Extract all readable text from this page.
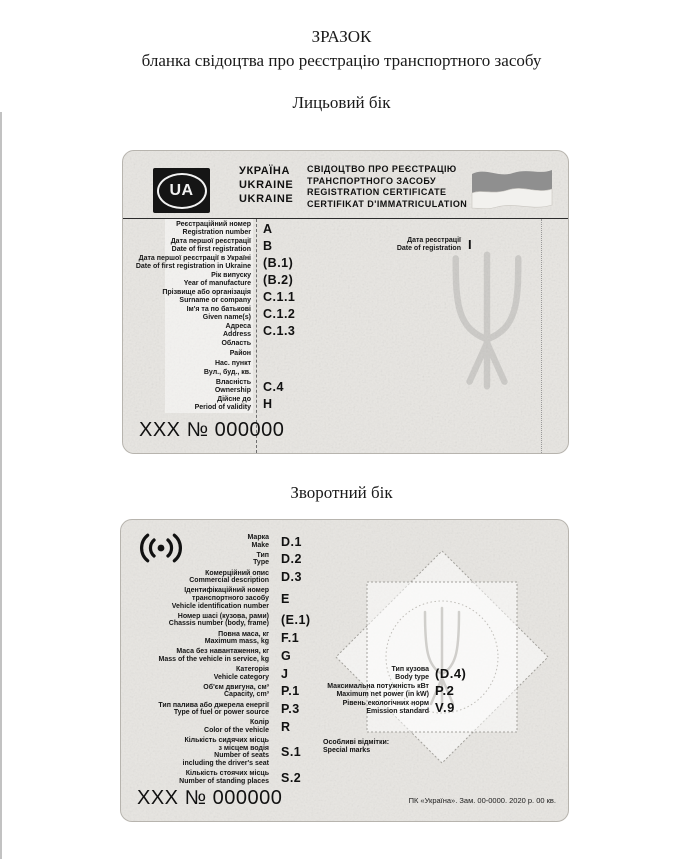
ЗРАЗОК
бланка свідоцтва про реєстрацію транспортного засобу
Лицьовий бік
Зворотний бік
UA
УКРАЇНА
UKRAINE
UKRAINE
СВІДОЦТВО ПРО РЕЄСТРАЦІЮ
ТРАНСПОРТНОГО ЗАСОБУ
REGISTRATION CERTIFICATE
CERTIFIKAT D'IMMATRICULATION
Реєстраційний номер
Registration number A
Дата першої реєстрації
Date of first registration B
Дата першої реєстрації в Україні
Date of first registration in Ukraine (B.1)
Рік випуску
Year of manufacture (B.2)
Прізвище або організація
Surname or company C.1.1
Ім'я та по батькові
Given name(s) C.1.2
Адреса
Address C.1.3
Область
Район
Нас. пункт
Вул., буд., кв.
Власність
Ownership C.4
Дійсне до
Period of validity H
Дата реєстрації
Date of registration I
XXX № 000000
Марка
Make D.1
Тип
Type D.2
Комерційний опис
Commercial description D.3
Ідентифікаційний номер
транспортного засобу
Vehicle identification number
E
Номер шасі (кузова, рами)
Chassis number (body, frame) (E.1)
Повна маса, кг
Maximum mass, kg F.1
Маса без навантаження, кг
Mass of the vehicle in service, kg G
Категорія
Vehicle category J
Об'єм двигуна, см³
Capacity, cm³ P.1
Тип палива або джерела енергії
Type of fuel or power source P.3
Колір
Color of the vehicle R
Кількість сидячих місць
з місцем водія
Number of seats
including the driver's seat
S.1
Кількість стоячих місць
Number of standing places S.2
Тип кузова
Body type (D.4)
Максимальна потужність кВт
Maximum net power (in kW) P.2
Рівень екологічних норм
Emission standard V.9
Особливі відмітки:
Special marks
XXX № 000000	ПК «Україна». Зам. 00-0000. 2020 р. 00 кв.
